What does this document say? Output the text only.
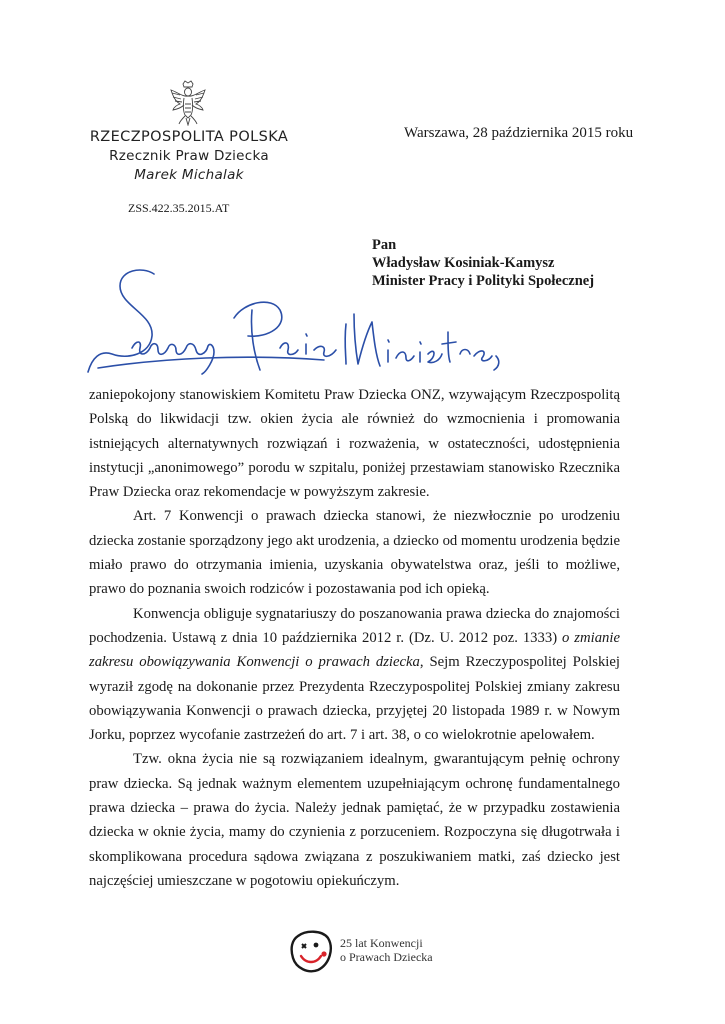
RZECZPOSPOLITA POLSKA
Rzecznik Praw Dziecka
Marek Michalak
Warszawa, 28 października 2015 roku
ZSS.422.35.2015.AT
Pan
Władysław Kosiniak-Kamysz
Minister Pracy i Polityki Społecznej

zaniepokojony stanowiskiem Komitetu Praw Dziecka ONZ, wzywającym Rzeczpospolitą Polską do likwidacji tzw. okien życia ale również do wzmocnienia i promowania istniejących alternatywnych rozwiązań i rozważenia, w ostateczności, udostępnienia instytucji „anonimowego” porodu w szpitalu, poniżej przestawiam stanowisko Rzecznika Praw Dziecka oraz rekomendacje w powyższym zakresie.

Art. 7 Konwencji o prawach dziecka stanowi, że niezwłocznie po urodzeniu dziecka zostanie sporządzony jego akt urodzenia, a dziecko od momentu urodzenia będzie miało prawo do otrzymania imienia, uzyskania obywatelstwa oraz, jeśli to możliwe, prawo do poznania swoich rodziców i pozostawania pod ich opieką.

Konwencja obliguje sygnatariuszy do poszanowania prawa dziecka do znajomości pochodzenia. Ustawą z dnia 10 października 2012 r. (Dz. U. 2012 poz. 1333) o zmianie zakresu obowiązywania Konwencji o prawach dziecka, Sejm Rzeczypospolitej Polskiej wyraził zgodę na dokonanie przez Prezydenta Rzeczypospolitej Polskiej zmiany zakresu obowiązywania Konwencji o prawach dziecka, przyjętej 20 listopada 1989 r. w Nowym Jorku, poprzez wycofanie zastrzeżeń do art. 7 i art. 38, o co wielokrotnie apelowałem.

Tzw. okna życia nie są rozwiązaniem idealnym, gwarantującym pełnię ochrony praw dziecka. Są jednak ważnym elementem uzupełniającym ochronę fundamentalnego prawa dziecka – prawa do życia. Należy jednak pamiętać, że w przypadku zostawienia dziecka w oknie życia, mamy do czynienia z porzuceniem. Rozpoczyna się długotrwała i skomplikowana procedura sądowa związana z poszukiwaniem matki, zaś dziecko jest najczęściej umieszczane w pogotowiu opiekuńczym.

25 lat Konwencji
o Prawach Dziecka
